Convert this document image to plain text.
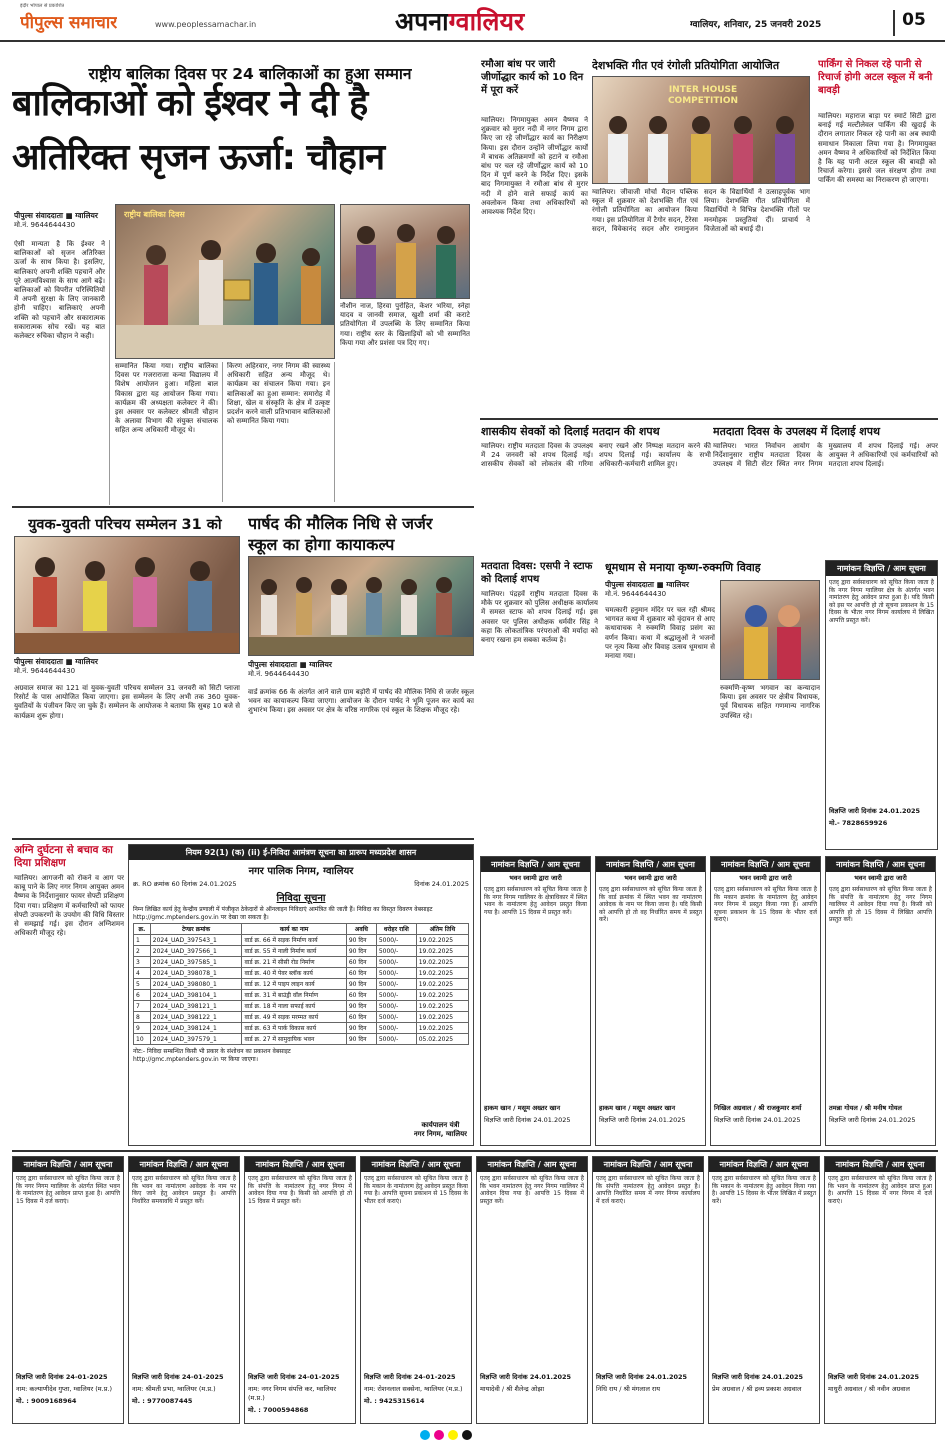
इंदौर भोपाल से प्रकाशित
पीपुल्स समाचार	www.peoplessamachar.in	अपनाग्वालियर	ग्वालियर, शनिवार, 25 जनवरी 2025	05
राष्ट्रीय बालिका दिवस पर 24 बालिकाओं का हुआ सम्मान
बालिकाओं को ईश्वर ने दी है
अतिरिक्त सृजन ऊर्जा: चौहान
पीपुल्स संवाददाता ■ ग्वालियर
मो.नं. 9644644430
ऐसी मान्यता है कि ईश्वर ने बालिकाओं को सृजन अतिरिक्त ऊर्जा के साथ किया है। इसलिए, बालिकाएं अपनी शक्ति पहचानें और पूरे आत्मविश्वास के साथ आगे बढ़ें। बालिकाओं को विपरीत परिस्थितियों में अपनी सुरक्षा के लिए जानकारी होनी चाहिए। बालिकाएं अपनी शक्ति को पहचानें और सकारात्मक सकारात्मक सोच रखें। यह बात कलेक्टर रुचिका चौहान ने कही।
राष्ट्रीय बालिका दिवस
सम्मानित किया गया। राष्ट्रीय बालिका दिवस पर गजराराजा कन्या विद्यालय में विशेष आयोजन हुआ। महिला बाल विकास द्वारा यह आयोजन किया गया। कार्यक्रम की अध्यक्षता कलेक्टर ने की। इस अवसर पर कलेक्टर श्रीमती चौहान के अलावा विभाग की संयुक्त संचालक सहित अन्य अधिकारी मौजूद थे।
किरण अहिरवार, नगर निगम की स्वास्थ्य अधिकारी सहित अन्य मौजूद थे। कार्यक्रम का संचालन किया गया। इन बालिकाओं का हुआ सम्मान: समारोह में शिक्षा, खेल व संस्कृति के क्षेत्र में उत्कृष्ट प्रदर्शन करने वाली प्रतिभावान बालिकाओं को सम्मानित किया गया।
नौशीन नाज, हिरवा पुरोहित, केशर भरिया, स्नेहा यादव व जानवी समाज, खुशी शर्मा की कराटे प्रतियोगिता में उपलब्धि के लिए सम्मानित किया गया। राष्ट्रीय स्तर के खिलाड़ियों को भी सम्मानित किया गया और प्रशंसा पत्र दिए गए।
युवक-युवती परिचय सम्मेलन 31 को
पीपुल्स संवाददाता ■ ग्वालियर
मो.नं. 9644644430
अग्रवाल समाज का 121 वां युवक-युवती परिचय सम्मेलन 31 जनवरी को सिटी प्लाजा रिसोर्ट के पास आयोजित किया जाएगा। इस सम्मेलन के लिए अभी तक 360 युवक-युवतियों के पंजीयन किए जा चुके हैं। सम्मेलन के आयोजक ने बताया कि सुबह 10 बजे से कार्यक्रम शुरू होगा।
पार्षद की मौलिक निधि से जर्जर
स्कूल का होगा कायाकल्प
पीपुल्स संवाददाता ■ ग्वालियर
मो.नं. 9644644430
वार्ड क्रमांक 66 के अंतर्गत आने वाले ग्राम बड़ोरी में पार्षद की मौलिक निधि से जर्जर स्कूल भवन का कायाकल्प किया जाएगा। आयोजन के दौरान पार्षद ने भूमि पूजन कर कार्य का शुभारंभ किया। इस अवसर पर क्षेत्र के वरिष्ठ नागरिक एवं स्कूल के शिक्षक मौजूद रहे।
रमौआ बांध पर जारी जीर्णोद्धार कार्य को 10 दिन में पूरा करें
ग्वालियर। निगमायुक्त अमन वैष्णव ने शुक्रवार को मुरार नदी में नगर निगम द्वारा किए जा रहे जीर्णोद्धार कार्य का निरीक्षण किया। इस दौरान उन्होंने जीर्णोद्धार कार्यों में बाधक अतिक्रमणों को हटाने व रमौआ बांध पर चल रहे जीर्णोद्धार कार्य को 10 दिन में पूर्ण करने के निर्देश दिए। इसके बाद निगमायुक्त ने रमौआ बांध से मुरार नदी में होने वाले सफाई कार्य का अवलोकन किया तथा अधिकारियों को आवश्यक निर्देश दिए।
देशभक्ति गीत एवं रंगोली प्रतियोगिता आयोजित
INTER HOUSE COMPETITION
ग्वालियर। जीवाजी मोर्चा मैदान पब्लिक स्कूल में शुक्रवार को देशभक्ति गीत एवं रंगोली प्रतियोगिता का आयोजन किया गया। इस प्रतियोगिता में टैगोर सदन, टैरेसा सदन, विवेकानंद सदन और रामानुजन सदन के विद्यार्थियों ने उत्साहपूर्वक भाग लिया। देशभक्ति गीत प्रतियोगिता में विद्यार्थियों ने विभिन्न देशभक्ति गीतों पर मनमोहक प्रस्तुतियां दीं। प्राचार्य ने विजेताओं को बधाई दी।
पार्किंग से निकल रहे पानी से रिचार्ज होगी अटल स्कूल में बनी बावड़ी
ग्वालियर। महाराज बाड़ा पर स्मार्ट सिटी द्वारा बनाई गई मल्टीलेवल पार्किंग की खुदाई के दौरान लगातार निकल रहे पानी का अब स्थायी समाधान निकाला लिया गया है। निगमायुक्त अमन वैष्णव ने अधिकारियों को निर्देशित किया है कि यह पानी अटल स्कूल की बावड़ी को रिचार्ज करेगा। इससे जल संरक्षण होगा तथा पार्किंग की समस्या का निराकरण हो जाएगा।
शासकीय सेवकों को दिलाई मतदान की शपथ
ग्वालियर। राष्ट्रीय मतदाता दिवस के उपलक्ष्य में 24 जनवरी को शपथ दिलाई गई। शासकीय सेवकों को लोकतंत्र की गरिमा बनाए रखने और निष्पक्ष मतदान करने की शपथ दिलाई गई। कार्यालय के सभी अधिकारी-कर्मचारी शामिल हुए।
मतदाता दिवस के उपलक्ष्य में दिलाई शपथ
ग्वालियर। भारत निर्वाचन आयोग के निर्देशानुसार राष्ट्रीय मतदाता दिवस के उपलक्ष्य में सिटी सेंटर स्थित नगर निगम मुख्यालय में शपथ दिलाई गई। अपर आयुक्त ने अधिकारियों एवं कर्मचारियों को मतदाता शपथ दिलाई।
मतदाता दिवस: एसपी ने स्टाफ को दिलाई शपथ
ग्वालियर। पंद्रहवें राष्ट्रीय मतदाता दिवस के मौके पर शुक्रवार को पुलिस अधीक्षक कार्यालय में समस्त स्टाफ को शपथ दिलाई गई। इस अवसर पर पुलिस अधीक्षक धर्मवीर सिंह ने कहा कि लोकतांत्रिक परंपराओं की मर्यादा को बनाए रखना हम सबका कर्तव्य है।
धूमधाम से मनाया कृष्ण-रुक्मणि विवाह
पीपुल्स संवाददाता ■ ग्वालियर
मो.नं. 9644644430
चमत्कारी हनुमान मंदिर पर चल रही श्रीमद भागवत कथा में शुक्रवार को वृंदावन से आए कथावाचक ने रुक्मणि विवाह प्रसंग का वर्णन किया। कथा में श्रद्धालुओं ने भजनों पर नृत्य किया और विवाह उत्सव धूमधाम से मनाया गया।
रुक्मणि-कृष्ण भगवान का कन्यादान किया। इस अवसर पर क्षेत्रीय विधायक, पूर्व विधायक सहित गणमान्य नागरिक उपस्थित रहे।
नामांकन विज्ञप्ति / आम सूचना
एतद् द्वारा सर्वसाधारण को सूचित किया जाता है कि नगर निगम ग्वालियर क्षेत्र के अंतर्गत भवन नामांतरण हेतु आवेदन प्राप्त हुआ है। यदि किसी को इस पर आपत्ति हो तो सूचना प्रकाशन के 15 दिवस के भीतर नगर निगम कार्यालय में लिखित आपत्ति प्रस्तुत करें।
विज्ञप्ति जारी दिनांक 24.01.2025
मो.- 7828659926
अग्नि दुर्घटना से बचाव का दिया प्रशिक्षण
ग्वालियर। आगजनी को रोकने व आग पर काबू पाने के लिए नगर निगम आयुक्त अमन वैष्णव के निर्देशानुसार फायर सेफ्टी प्रशिक्षण दिया गया। प्रशिक्षण में कर्मचारियों को फायर सेफ्टी उपकरणों के उपयोग की विधि विस्तार से समझाई गई। इस दौरान अग्निशमन अधिकारी मौजूद रहे।
नियम 92(1) (क) (ii) ई-निविदा आमंत्रण सूचना का प्रारूप मध्यप्रदेश शासन
नगर पालिक निगम, ग्वालियर
क्र. RO क्रमांक 60 दिनांक 24.01.2025	दिनांक 24.01.2025
निविदा सूचना
निम्न लिखित कार्य हेतु केन्द्रीय प्रणाली में पंजीकृत ठेकेदारों से ऑनलाइन निविदाएं आमंत्रित की जाती हैं। निविदा का विस्तृत विवरण वेबसाइट http://gmc.mptenders.gov.in पर देखा जा सकता है।
क्र.	टेण्डर क्रमांक	कार्य का नाम	अवधि	धरोहर राशि	अंतिम तिथि
1	2024_UAD_397543_1	वार्ड क्र. 66 में सड़क निर्माण कार्य	90 दिन	5000/-	19.02.2025
2	2024_UAD_397566_1	वार्ड क्र. 55 में नाली निर्माण कार्य	90 दिन	5000/-	19.02.2025
3	2024_UAD_397585_1	वार्ड क्र. 21 में सीसी रोड निर्माण	60 दिन	5000/-	19.02.2025
4	2024_UAD_398078_1	वार्ड क्र. 40 में पेवर ब्लॉक कार्य	60 दिन	5000/-	19.02.2025
5	2024_UAD_398080_1	वार्ड क्र. 12 में पाइप लाइन कार्य	90 दिन	5000/-	19.02.2025
6	2024_UAD_398104_1	वार्ड क्र. 31 में बाउंड्री वॉल निर्माण	60 दिन	5000/-	19.02.2025
7	2024_UAD_398121_1	वार्ड क्र. 18 में नाला सफाई कार्य	90 दिन	5000/-	19.02.2025
8	2024_UAD_398122_1	वार्ड क्र. 49 में सड़क मरम्मत कार्य	60 दिन	5000/-	19.02.2025
9	2024_UAD_398124_1	वार्ड क्र. 63 में पार्क विकास कार्य	90 दिन	5000/-	19.02.2025
10	2024_UAD_397579_1	वार्ड क्र. 27 में सामुदायिक भवन	90 दिन	5000/-	05.02.2025
नोट:- निविदा सम्बन्धित किसी भी प्रकार के संशोधन का प्रकाशन वेबसाइट http://gmc.mptenders.gov.in पर किया जाएगा।
कार्यपालन यंत्री
नगर निगम, ग्वालियर
नामांकन विज्ञप्ति / आम सूचना
भवन स्वामी द्वारा जारी
एतद् द्वारा सर्वसाधारण को सूचित किया जाता है कि नगर निगम ग्वालियर के क्षेत्राधिकार में स्थित भवन के नामांतरण हेतु आवेदन प्रस्तुत किया गया है। आपत्ति 15 दिवस में प्रस्तुत करें।
हाकम खान / मसूम अख्तर खान
विज्ञप्ति जारी दिनांक 24.01.2025
नामांकन विज्ञप्ति / आम सूचना
भवन स्वामी द्वारा जारी
एतद् द्वारा सर्वसाधारण को सूचित किया जाता है कि वार्ड क्रमांक में स्थित भवन का नामांतरण आवेदक के नाम पर किया जाना है। यदि किसी को आपत्ति हो तो वह निर्धारित समय में प्रस्तुत करें।
हाकम खान / मसूम अख्तर खान
विज्ञप्ति जारी दिनांक 24.01.2025
नामांकन विज्ञप्ति / आम सूचना
भवन स्वामी द्वारा जारी
एतद् द्वारा सर्वसाधारण को सूचित किया जाता है कि मकान क्रमांक के नामांतरण हेतु आवेदन नगर निगम में प्रस्तुत किया गया है। आपत्ति सूचना प्रकाशन के 15 दिवस के भीतर दर्ज कराएं।
निखिल अग्रवाल / श्री राजकुमार शर्मा
विज्ञप्ति जारी दिनांक 24.01.2025
नामांकन विज्ञप्ति / आम सूचना
भवन स्वामी द्वारा जारी
एतद् द्वारा सर्वसाधारण को सूचित किया जाता है कि संपत्ति के नामांतरण हेतु नगर निगम ग्वालियर में आवेदन दिया गया है। किसी को आपत्ति हो तो 15 दिवस में लिखित आपत्ति प्रस्तुत करें।
तमन्ना गोयल / श्री मनीष गोयल
विज्ञप्ति जारी दिनांक 24.01.2025
नामांकन विज्ञप्ति / आम सूचना
एतद् द्वारा सर्वसाधारण को सूचित किया जाता है कि नगर निगम ग्वालियर के अंतर्गत स्थित भवन के नामांतरण हेतु आवेदन प्राप्त हुआ है। आपत्ति 15 दिवस में दर्ज कराएं।
विज्ञप्ति जारी दिनांक 24-01-2025
नाम: कल्याणीदेव गुप्ता, ग्वालियर (म.प्र.)
मो. : 9009168964
नामांकन विज्ञप्ति / आम सूचना
एतद् द्वारा सर्वसाधारण को सूचित किया जाता है कि भवन का नामांतरण आवेदक के नाम पर किए जाने हेतु आवेदन प्रस्तुत है। आपत्ति निर्धारित समयावधि में प्रस्तुत करें।
विज्ञप्ति जारी दिनांक 24-01-2025
नाम: श्रीमती प्रभा, ग्वालियर (म.प्र.)
मो. : 9770087445
नामांकन विज्ञप्ति / आम सूचना
एतद् द्वारा सर्वसाधारण को सूचित किया जाता है कि संपत्ति के नामांतरण हेतु नगर निगम में आवेदन दिया गया है। किसी को आपत्ति हो तो 15 दिवस में प्रस्तुत करें।
विज्ञप्ति जारी दिनांक 24-01-2025
नाम: नगर निगम संपत्ति कर, ग्वालियर (म.प्र.)
मो. : 7000594868
नामांकन विज्ञप्ति / आम सूचना
एतद् द्वारा सर्वसाधारण को सूचित किया जाता है कि मकान के नामांतरण हेतु आवेदन प्रस्तुत किया गया है। आपत्ति सूचना प्रकाशन से 15 दिवस के भीतर दर्ज कराएं।
विज्ञप्ति जारी दिनांक 24-01-2025
नाम: रोशनलाल सक्सेना, ग्वालियर (म.प्र.)
मो. : 9425315614
नामांकन विज्ञप्ति / आम सूचना
एतद् द्वारा सर्वसाधारण को सूचित किया जाता है कि भवन नामांतरण हेतु नगर निगम ग्वालियर में आवेदन दिया गया है। आपत्ति 15 दिवस में प्रस्तुत करें।
विज्ञप्ति जारी दिनांक 24.01.2025
मायादेवी / श्री शैलेन्द्र ओझा
नामांकन विज्ञप्ति / आम सूचना
एतद् द्वारा सर्वसाधारण को सूचित किया जाता है कि संपत्ति नामांतरण हेतु आवेदन प्रस्तुत है। आपत्ति निर्धारित समय में नगर निगम कार्यालय में दर्ज कराएं।
विज्ञप्ति जारी दिनांक 24.01.2025
निधि राय / श्री मंगलाल राय
नामांकन विज्ञप्ति / आम सूचना
एतद् द्वारा सर्वसाधारण को सूचित किया जाता है कि मकान के नामांतरण हेतु आवेदन किया गया है। आपत्ति 15 दिवस के भीतर लिखित में प्रस्तुत करें।
विज्ञप्ति जारी दिनांक 24.01.2025
प्रेम अग्रवाल / श्री द्रव्य प्रकाश अग्रवाल
नामांकन विज्ञप्ति / आम सूचना
एतद् द्वारा सर्वसाधारण को सूचित किया जाता है कि भवन के नामांतरण हेतु आवेदन प्राप्त हुआ है। आपत्ति 15 दिवस में नगर निगम में दर्ज कराएं।
विज्ञप्ति जारी दिनांक 24.01.2025
माधुरी अग्रवाल / श्री नवीन अग्रवाल
